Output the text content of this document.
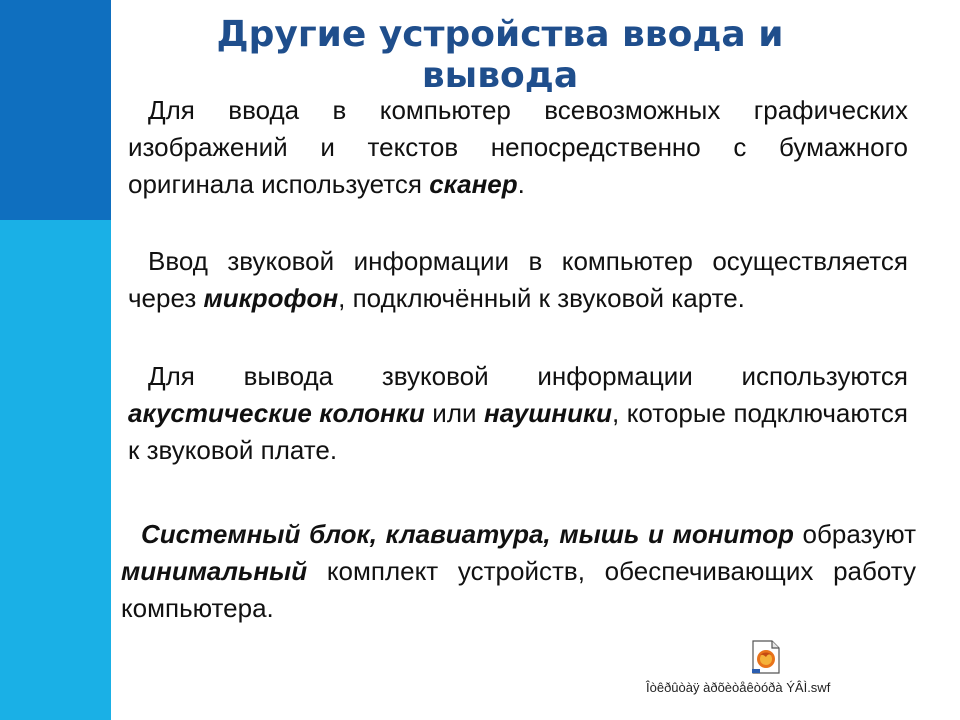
Другие устройства ввода и вывода
Для ввода в компьютер всевозможных графических изображений и текстов непосредственно с бумажного оригинала используется сканер.
Ввод звуковой информации в компьютер осуществляется через микрофон, подключённый к звуковой карте.
Для вывода звуковой информации используются акустические колонки или наушники, которые подключаются к звуковой плате.
Системный блок, клавиатура, мышь и монитор образуют минимальный комплект устройств, обеспечивающих работу компьютера.
Îòêðûòàÿ àðõèòåêòóðà ÝÂÌ.swf
